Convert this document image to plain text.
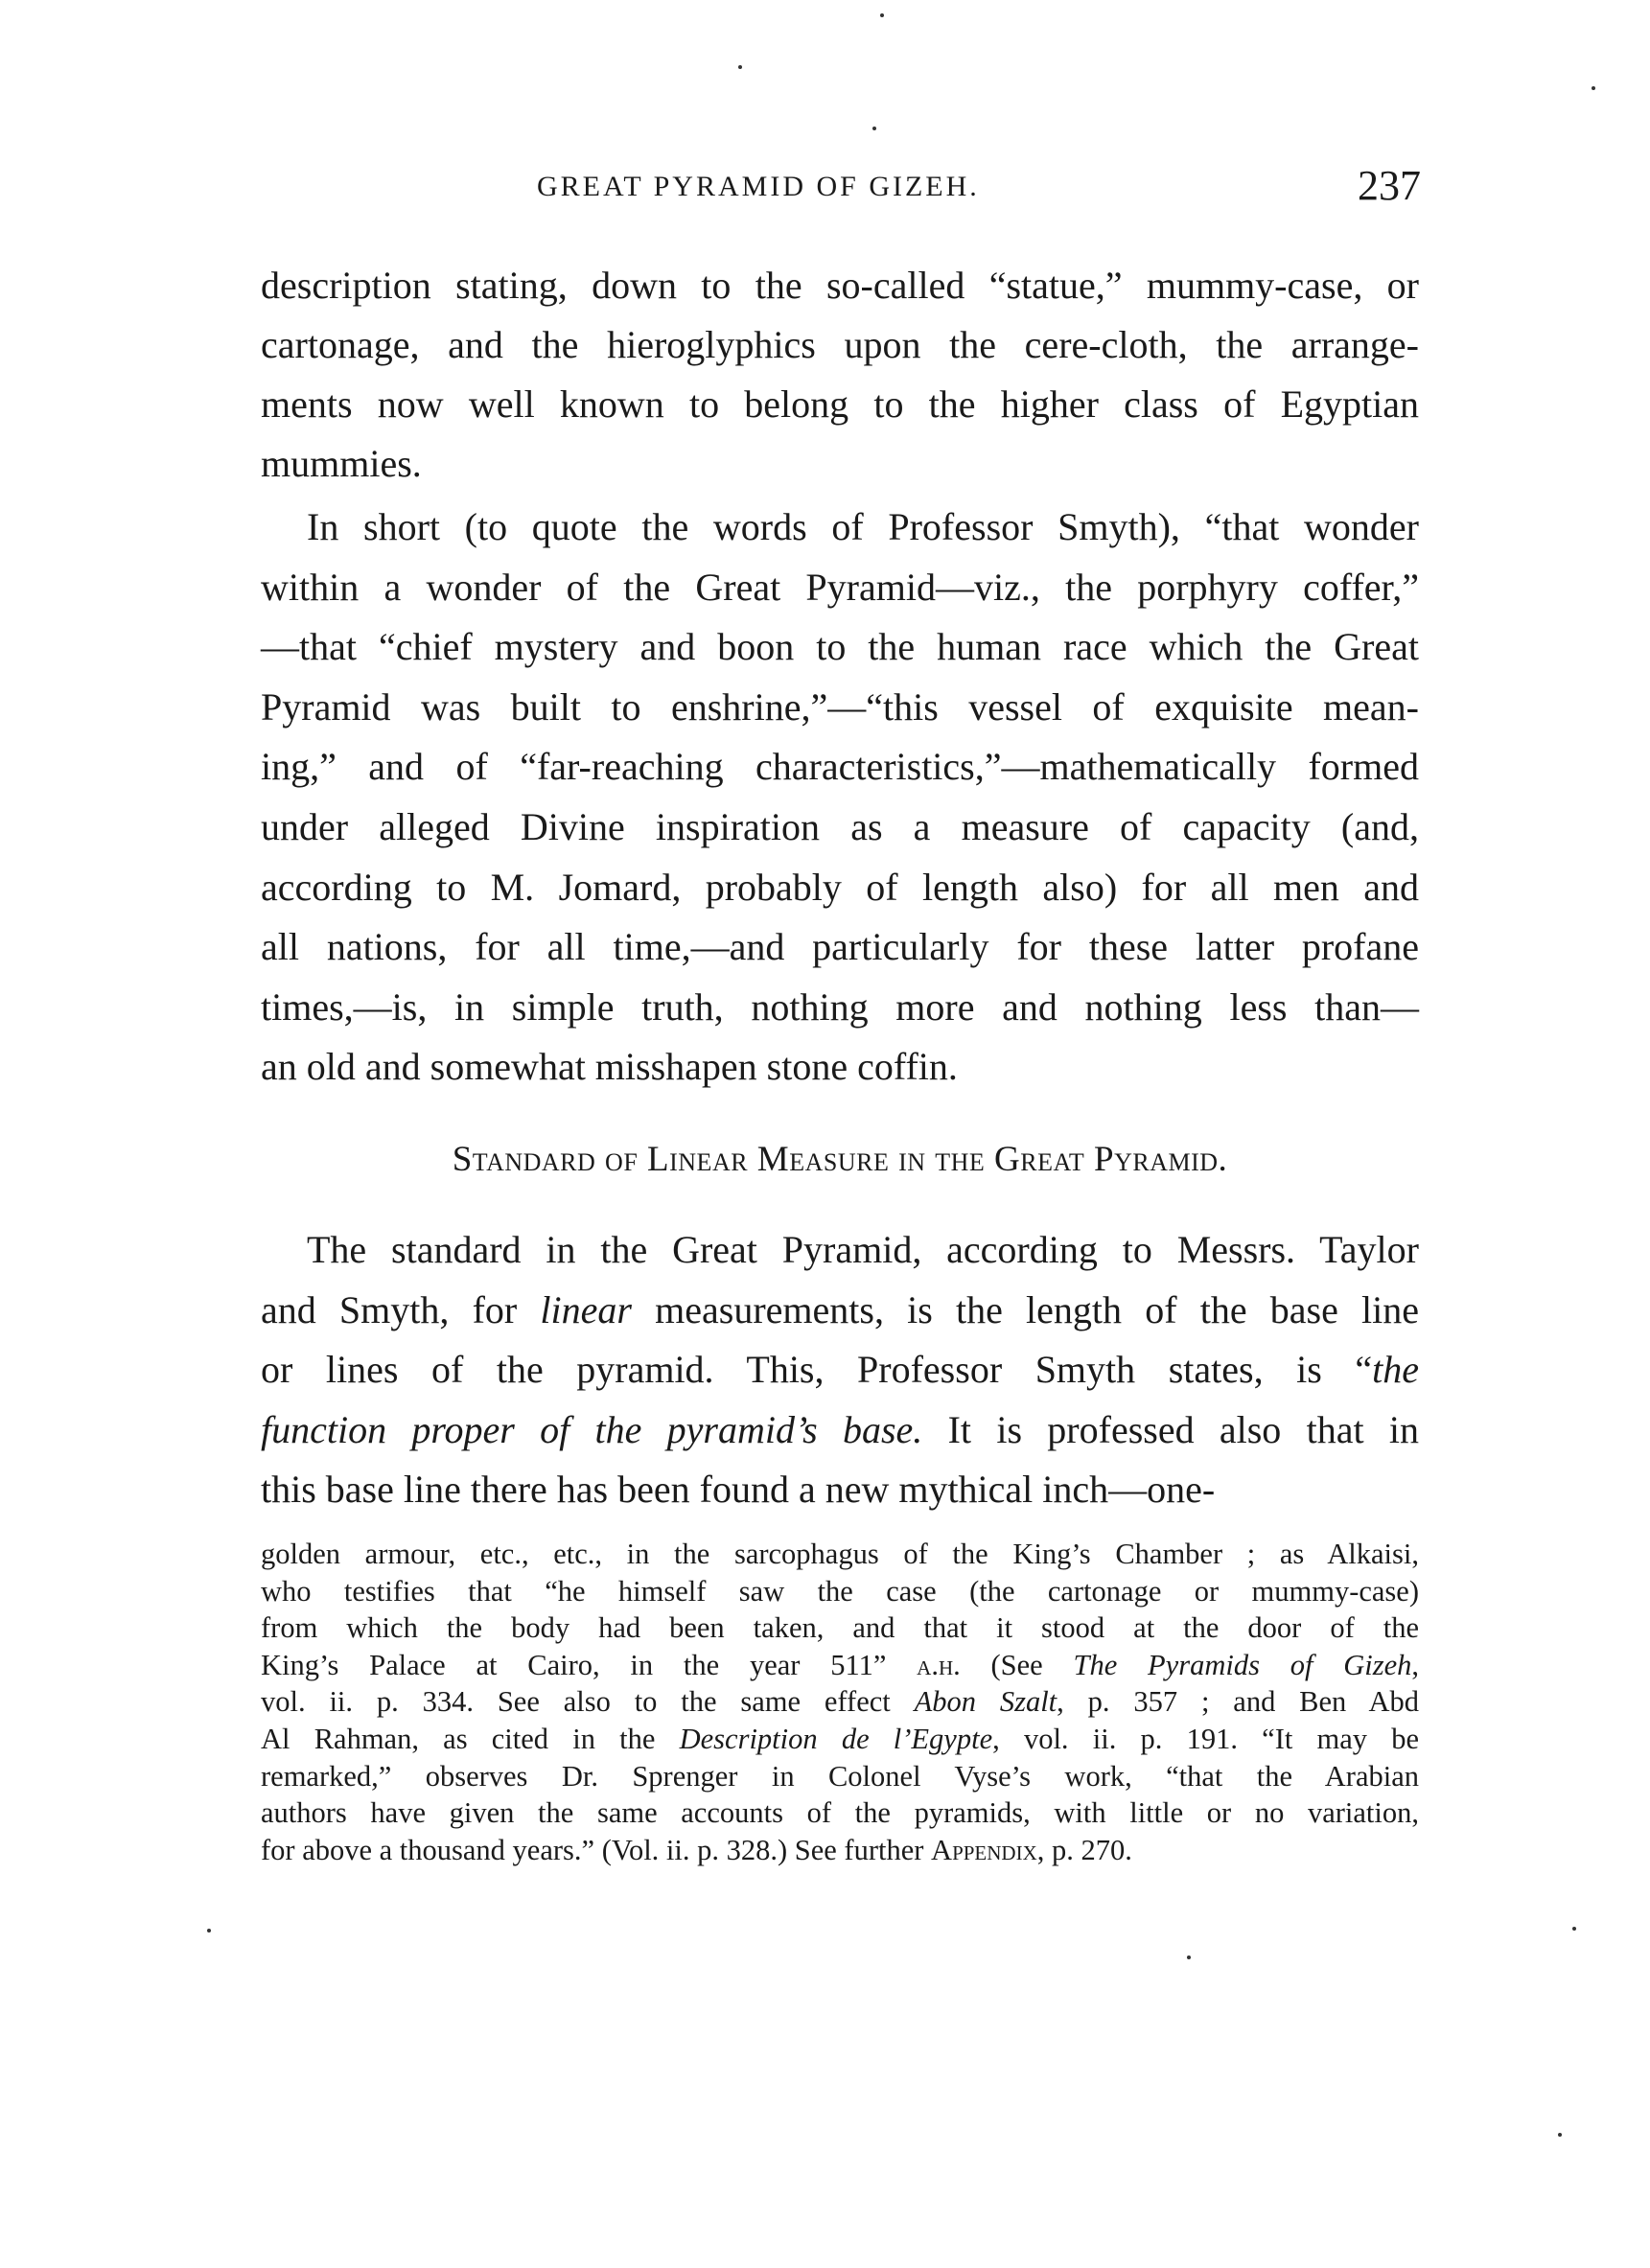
GREAT PYRAMID OF GIZEH.	237
description stating, down to the so-called “statue,” mummy-case, or
cartonage, and the hieroglyphics upon the cere-cloth, the arrange-
ments now well known to belong to the higher class of Egyptian
mummies.
In short (to quote the words of Professor Smyth), “that wonder
within a wonder of the Great Pyramid—viz., the porphyry coffer,”
—that “chief mystery and boon to the human race which the Great
Pyramid was built to enshrine,”—“this vessel of exquisite mean-
ing,” and of “far-reaching characteristics,”—mathematically formed
under alleged Divine inspiration as a measure of capacity (and,
according to M. Jomard, probably of length also) for all men and
all nations, for all time,—and particularly for these latter profane
times,—is, in simple truth, nothing more and nothing less than—
an old and somewhat misshapen stone coffin.
The standard in the Great Pyramid, according to Messrs. Taylor
and Smyth, for linear measurements, is the length of the base line
or lines of the pyramid. This, Professor Smyth states, is “the
function proper of the pyramid’s base. It is professed also that in
this base line there has been found a new mythical inch—one-
Standard of Linear Measure in the Great Pyramid.
golden armour, etc., etc., in the sarcophagus of the King’s Chamber ; as Alkaisi,
who testifies that “he himself saw the case (the cartonage or mummy-case)
from which the body had been taken, and that it stood at the door of the
King’s Palace at Cairo, in the year 511” a.h. (See The Pyramids of Gizeh,
vol. ii. p. 334. See also to the same effect Abon Szalt, p. 357 ; and Ben Abd
Al Rahman, as cited in the Description de l’Egypte, vol. ii. p. 191. “It may be
remarked,” observes Dr. Sprenger in Colonel Vyse’s work, “that the Arabian
authors have given the same accounts of the pyramids, with little or no variation,
for above a thousand years.” (Vol. ii. p. 328.) See further Appendix, p. 270.
